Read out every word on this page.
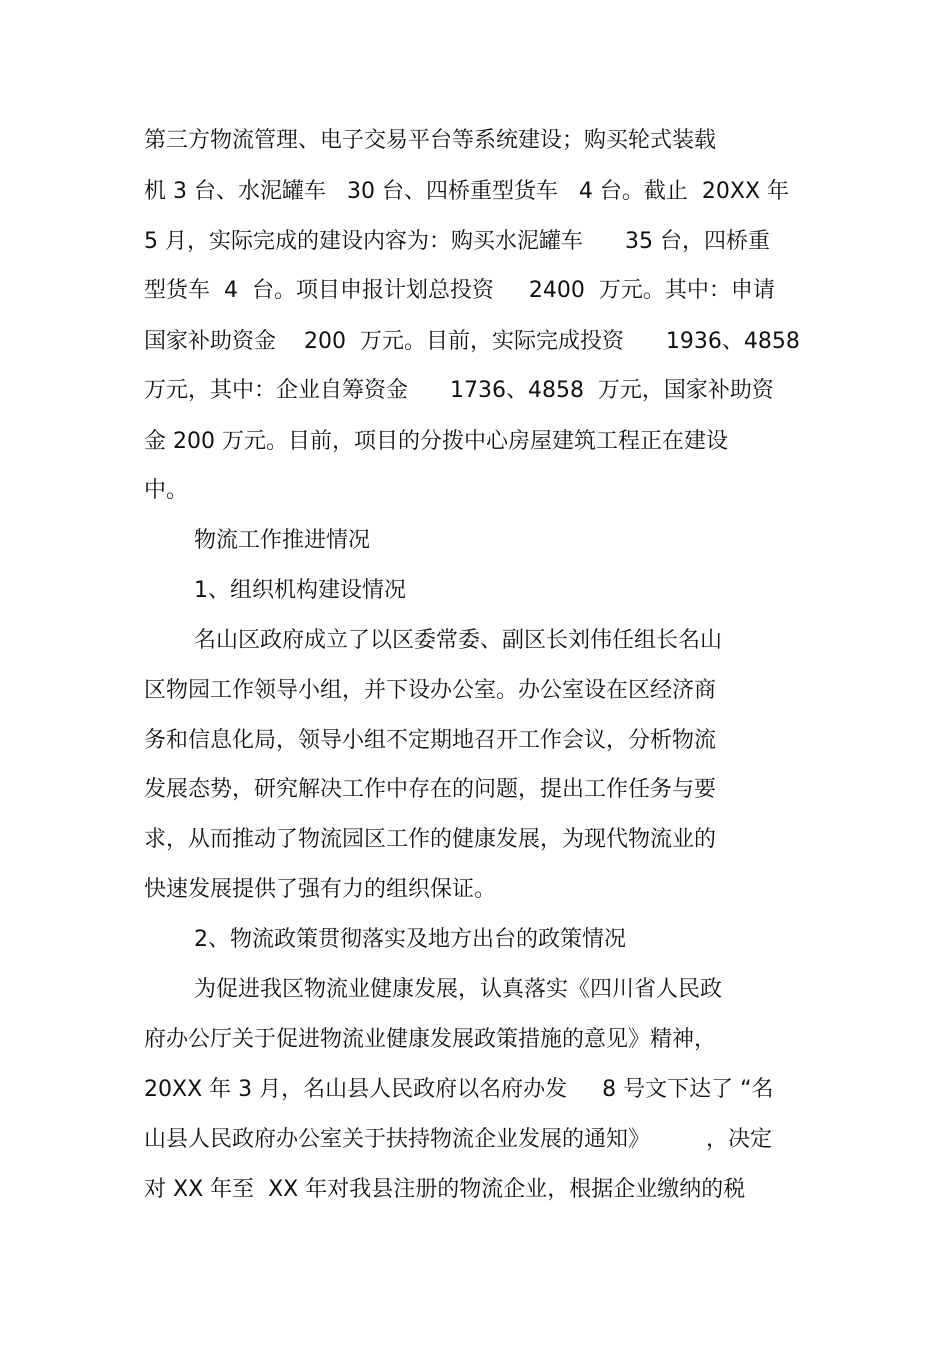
第三方物流管理、电子交易平台等系统建设；购买轮式装载
机 3 台、水泥罐车   30 台、四桥重型货车   4 台。截止  20XX 年
5 月，实际完成的建设内容为：购买水泥罐车      35 台，四桥重
型货车  4  台。项目申报计划总投资     2400  万元。其中：申请
国家补助资金    200  万元。目前，实际完成投资      1936、4858
万元，其中：企业自筹资金      1736、4858  万元，国家补助资
金 200 万元。目前，项目的分拨中心房屋建筑工程正在建设
中。
物流工作推进情况
1、组织机构建设情况
名山区政府成立了以区委常委、副区长刘伟任组长名山
区物园工作领导小组，并下设办公室。办公室设在区经济商
务和信息化局，领导小组不定期地召开工作会议，分析物流
发展态势，研究解决工作中存在的问题，提出工作任务与要
求，从而推动了物流园区工作的健康发展，为现代物流业的
快速发展提供了强有力的组织保证。
2、物流政策贯彻落实及地方出台的政策情况
为促进我区物流业健康发展，认真落实《四川省人民政
府办公厅关于促进物流业健康发展政策措施的意见》精神，
20XX 年 3 月，名山县人民政府以名府办发     8 号文下达了 “名
山县人民政府办公室关于扶持物流企业发展的通知》        ，决定
对 XX 年至  XX 年对我县注册的物流企业，根据企业缴纳的税
